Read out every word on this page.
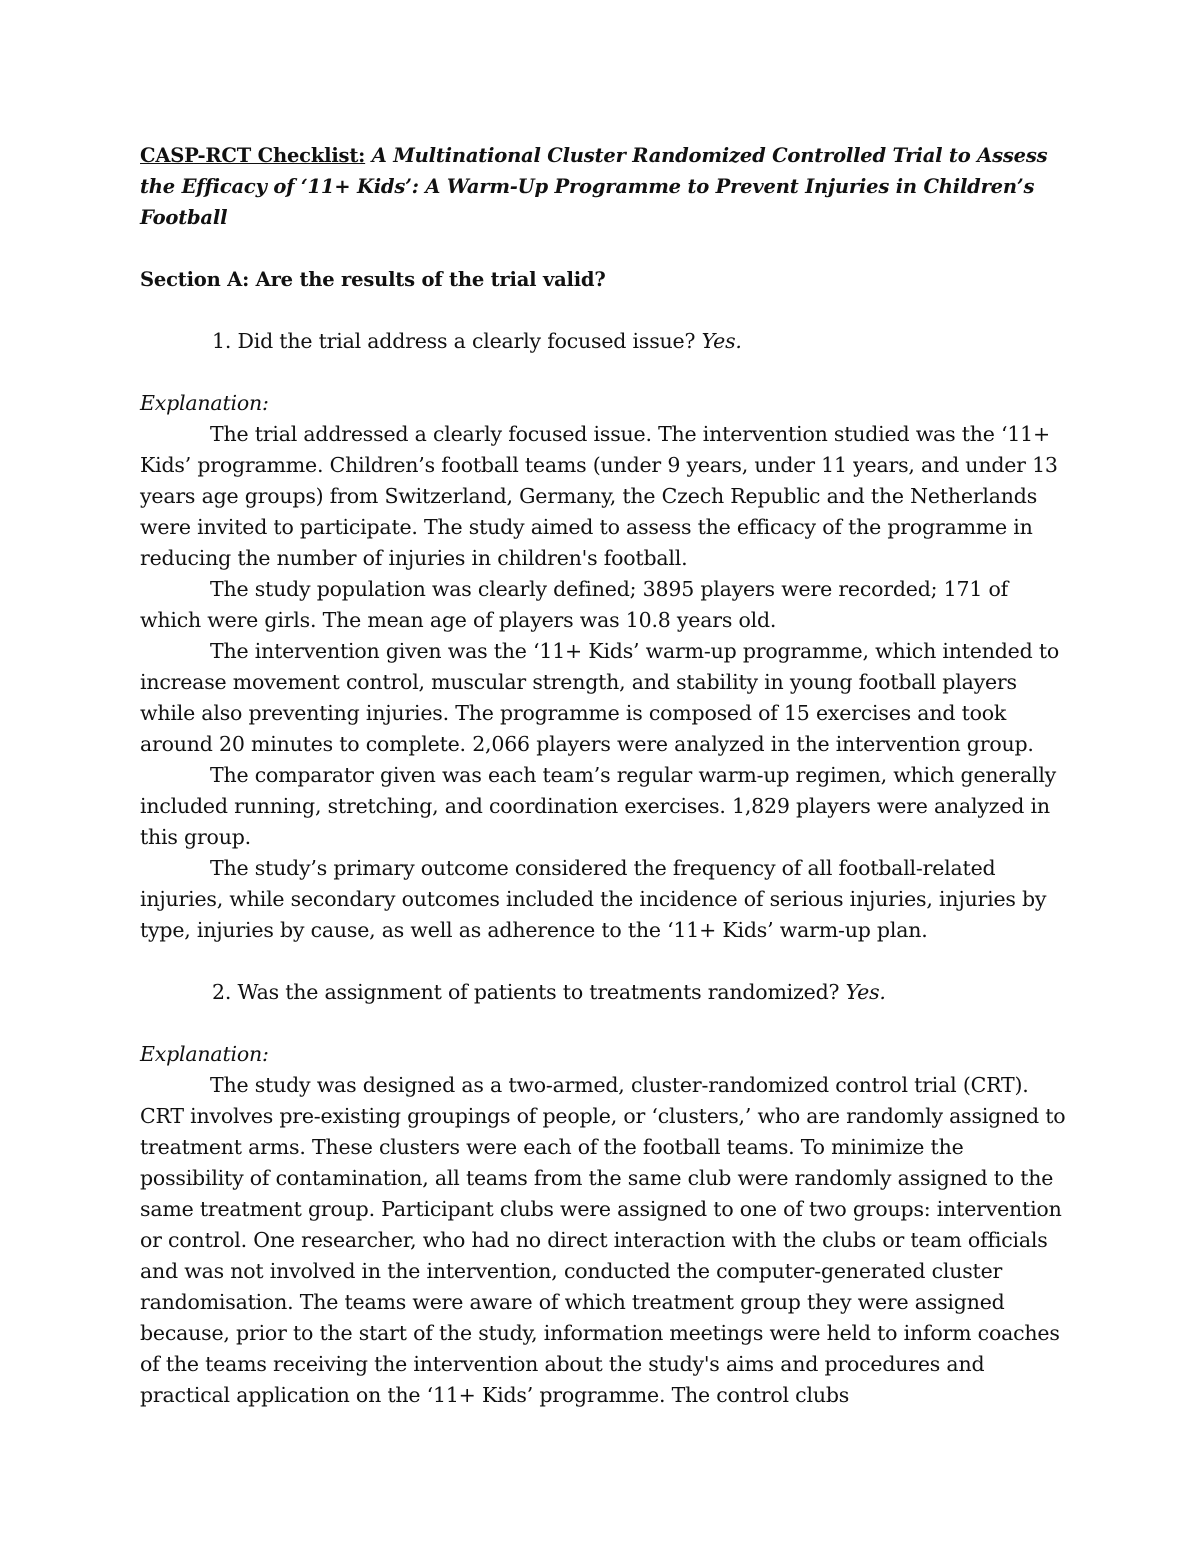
CASP-RCT Checklist: A Multinational Cluster Randomized Controlled Trial to Assess the Efficacy of ‘11+ Kids’: A Warm-Up Programme to Prevent Injuries in Children’s Football

Section A: Are the results of the trial valid?

1. Did the trial address a clearly focused issue? Yes.

Explanation:

The trial addressed a clearly focused issue. The intervention studied was the ‘11+ Kids’ programme. Children’s football teams (under 9 years, under 11 years, and under 13 years age groups) from Switzerland, Germany, the Czech Republic and the Netherlands were invited to participate. The study aimed to assess the efficacy of the programme in reducing the number of injuries in children's football.

The study population was clearly defined; 3895 players were recorded; 171 of which were girls. The mean age of players was 10.8 years old.

The intervention given was the ‘11+ Kids’ warm-up programme, which intended to increase movement control, muscular strength, and stability in young football players while also preventing injuries. The programme is composed of 15 exercises and took around 20 minutes to complete. 2,066 players were analyzed in the intervention group.

The comparator given was each team’s regular warm-up regimen, which generally included running, stretching, and coordination exercises. 1,829 players were analyzed in this group.

The study’s primary outcome considered the frequency of all football-related injuries, while secondary outcomes included the incidence of serious injuries, injuries by type, injuries by cause, as well as adherence to the ‘11+ Kids’ warm-up plan.

2. Was the assignment of patients to treatments randomized? Yes.

Explanation:

The study was designed as a two-armed, cluster-randomized control trial (CRT). CRT involves pre-existing groupings of people, or ‘clusters,’ who are randomly assigned to treatment arms. These clusters were each of the football teams. To minimize the possibility of contamination, all teams from the same club were randomly assigned to the same treatment group. Participant clubs were assigned to one of two groups: intervention or control. One researcher, who had no direct interaction with the clubs or team officials and was not involved in the intervention, conducted the computer-generated cluster randomisation. The teams were aware of which treatment group they were assigned because, prior to the start of the study, information meetings were held to inform coaches of the teams receiving the intervention about the study's aims and procedures and practical application on the ‘11+ Kids’ programme. The control clubs
